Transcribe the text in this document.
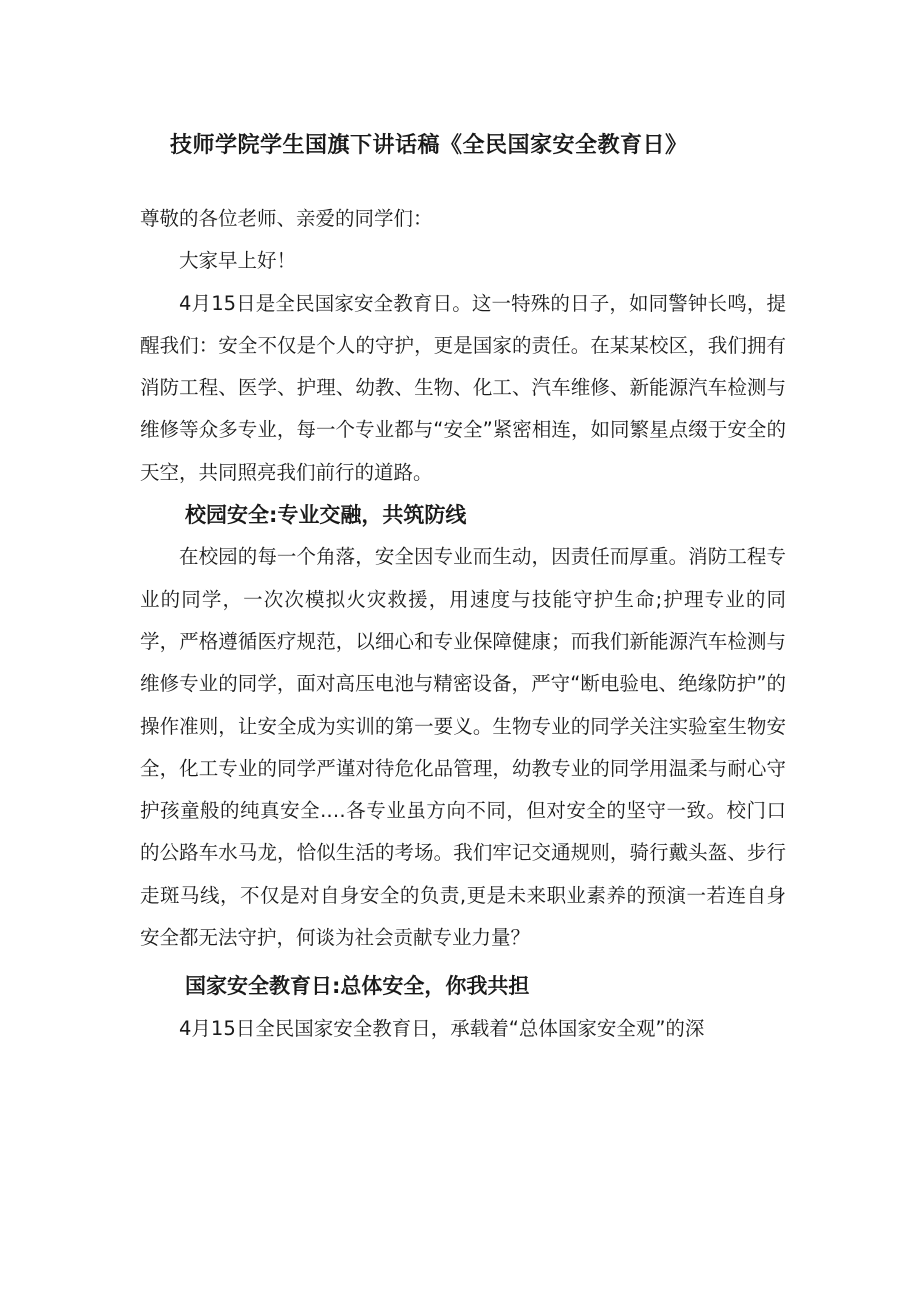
技师学院学生国旗下讲话稿《全民国家安全教育日》

尊敬的各位老师、亲爱的同学们：

大家早上好！

4月15日是全民国家安全教育日。这一特殊的日子，如同警钟长鸣，提醒我们：安全不仅是个人的守护，更是国家的责任。在某某校区，我们拥有消防工程、医学、护理、幼教、生物、化工、汽车维修、新能源汽车检测与维修等众多专业，每一个专业都与“安全”紧密相连，如同繁星点缀于安全的天空，共同照亮我们前行的道路。

校园安全:专业交融，共筑防线

在校园的每一个角落，安全因专业而生动，因责任而厚重。消防工程专业的同学，一次次模拟火灾救援，用速度与技能守护生命;护理专业的同学，严格遵循医疗规范，以细心和专业保障健康；而我们新能源汽车检测与维修专业的同学，面对高压电池与精密设备，严守“断电验电、绝缘防护”的操作准则，让安全成为实训的第一要义。生物专业的同学关注实验室生物安全，化工专业的同学严谨对待危化品管理，幼教专业的同学用温柔与耐心守护孩童般的纯真安全.…各专业虽方向不同，但对安全的坚守一致。校门口的公路车水马龙，恰似生活的考场。我们牢记交通规则，骑行戴头盔、步行走斑马线，不仅是对自身安全的负责,更是未来职业素养的预演一若连自身安全都无法守护，何谈为社会贡献专业力量？

国家安全教育日:总体安全，你我共担

4月15日全民国家安全教育日，承载着“总体国家安全观”的深
